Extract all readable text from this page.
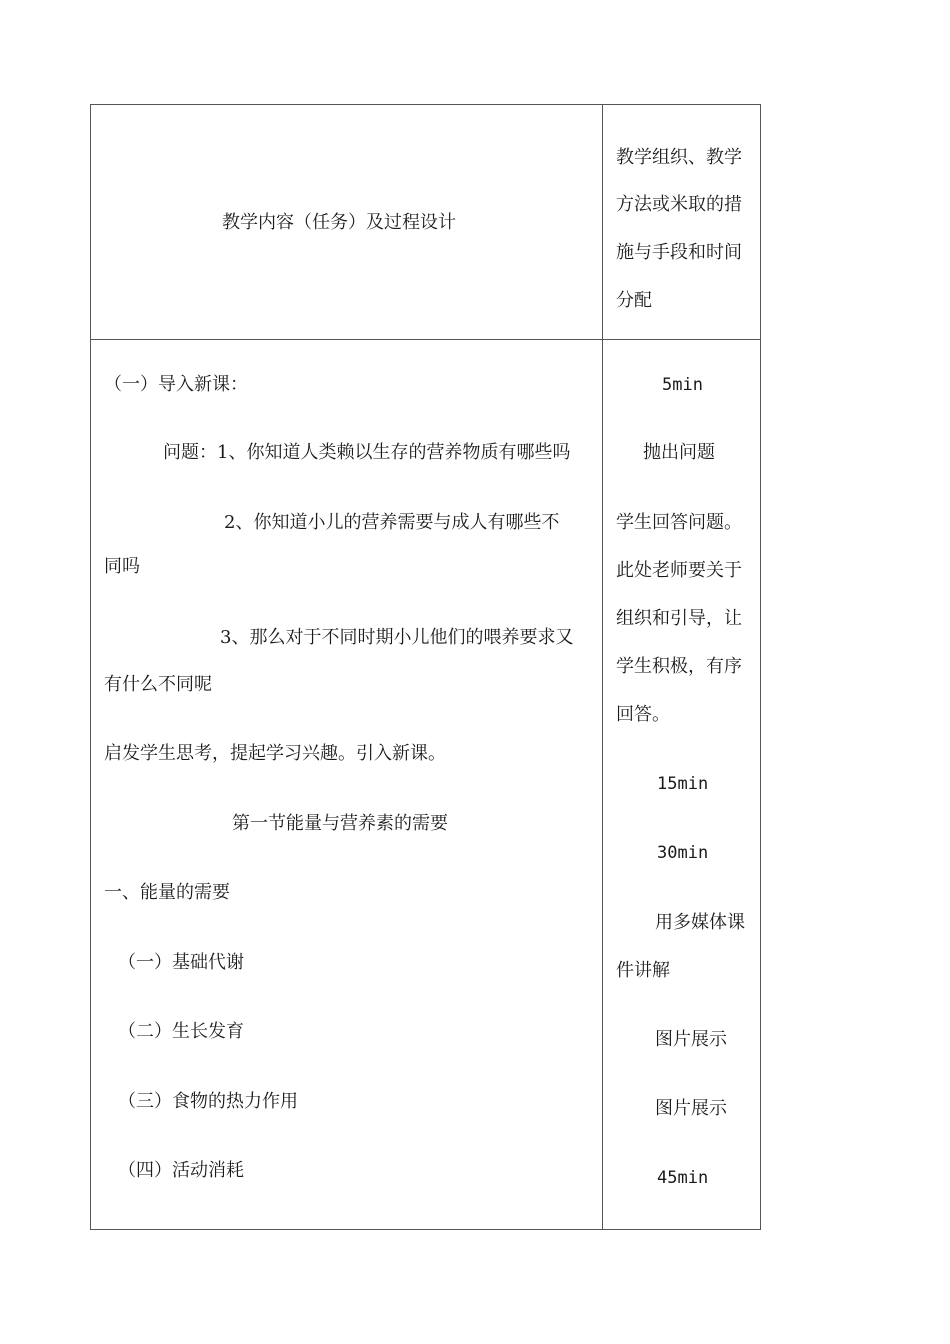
教学内容（任务）及过程设计
教学组织、教学
方法或米取的措
施与手段和时间
分配
（一）导入新课：
问题：1、你知道人类赖以生存的营养物质有哪些吗
2、你知道小儿的营养需要与成人有哪些不
同吗
3、那么对于不同时期小儿他们的喂养要求又
有什么不同呢
启发学生思考，提起学习兴趣。引入新课。
第一节能量与营养素的需要
一、能量的需要
（一）基础代谢
（二）生长发育
（三）食物的热力作用
（四）活动消耗
5min
抛出问题
学生回答问题。
此处老师要关于
组织和引导，让
学生积极，有序
回答。
15min
30min
用多媒体课
件讲解
图片展示
图片展示
45min
